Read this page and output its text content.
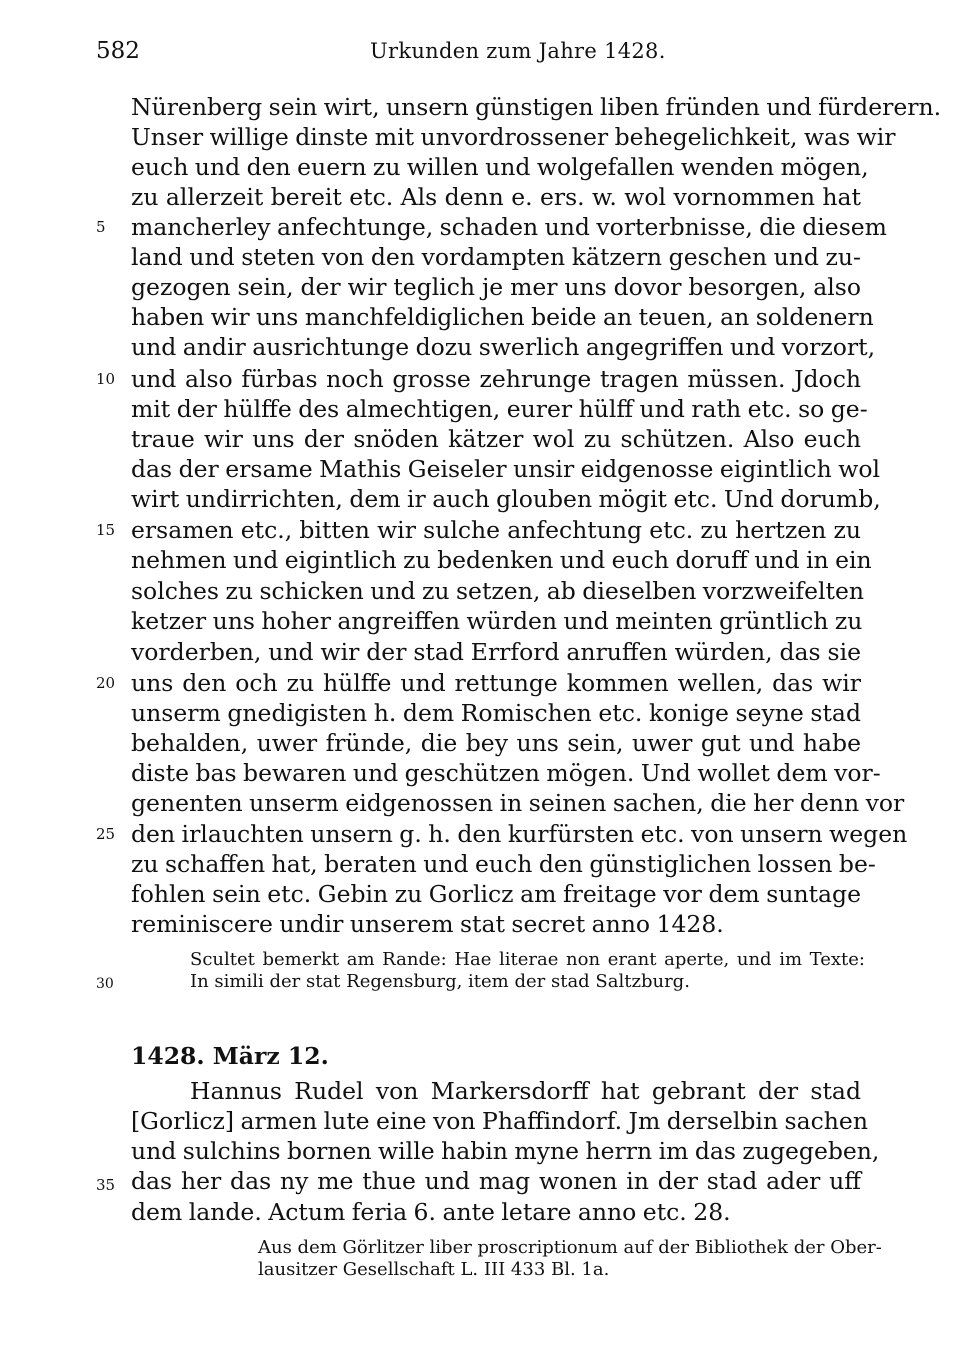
582	Urkunden zum Jahre 1428.
Nürenberg sein wirt, unsern günstigen liben fründen und fürderern.
Unser willige dinste mit unvordrossener behegelichkeit, was wir
euch und den euern zu willen und wolgefallen wenden mögen,
zu allerzeit bereit etc. Als denn e. ers. w. wol vornommen hat
mancherley anfechtunge, schaden und vorterbnisse, die diesem
land und steten von den vordampten kätzern geschen und zu-
gezogen sein, der wir teglich je mer uns dovor besorgen, also
haben wir uns manchfeldiglichen beide an teuen, an soldenern
und andir ausrichtunge dozu swerlich angegriffen und vorzort,
und also fürbas noch grosse zehrunge tragen müssen. Jdoch
mit der hülffe des almechtigen, eurer hülff und rath etc. so ge-
traue wir uns der snöden kätzer wol zu schützen. Also euch
das der ersame Mathis Geiseler unsir eidgenosse eigintlich wol
wirt undirrichten, dem ir auch glouben mögit etc. Und dorumb,
ersamen etc., bitten wir sulche anfechtung etc. zu hertzen zu
nehmen und eigintlich zu bedenken und euch doruff und in ein
solches zu schicken und zu setzen, ab dieselben vorzweifelten
ketzer uns hoher angreiffen würden und meinten grüntlich zu
vorderben, und wir der stad Errford anruffen würden, das sie
uns den och zu hülffe und rettunge kommen wellen, das wir
unserm gnedigisten h. dem Romischen etc. konige seyne stad
behalden, uwer fründe, die bey uns sein, uwer gut und habe
diste bas bewaren und geschützen mögen. Und wollet dem vor-
genenten unserm eidgenossen in seinen sachen, die her denn vor
den irlauchten unsern g. h. den kurfürsten etc. von unsern wegen
zu schaffen hat, beraten und euch den günstiglichen lossen be-
fohlen sein etc. Gebin zu Gorlicz am freitage vor dem suntage
reminiscere undir unserem stat secret anno 1428.
5
10
15
20
25
Scultet bemerkt am Rande: Hae literae non erant aperte, und im Texte:
In simili der stat Regensburg, item der stad Saltzburg.
30
1428. März 12.
Hannus Rudel von Markersdorff hat gebrant der stad
[Gorlicz] armen lute eine von Phaffindorf. Jm derselbin sachen
und sulchins bornen wille habin myne herrn im das zugegeben,
das her das ny me thue und mag wonen in der stad ader uff
dem lande. Actum feria 6. ante letare anno etc. 28.
35
Aus dem Görlitzer liber proscriptionum auf der Bibliothek der Ober-
lausitzer Gesellschaft L. III 433 Bl. 1a.
